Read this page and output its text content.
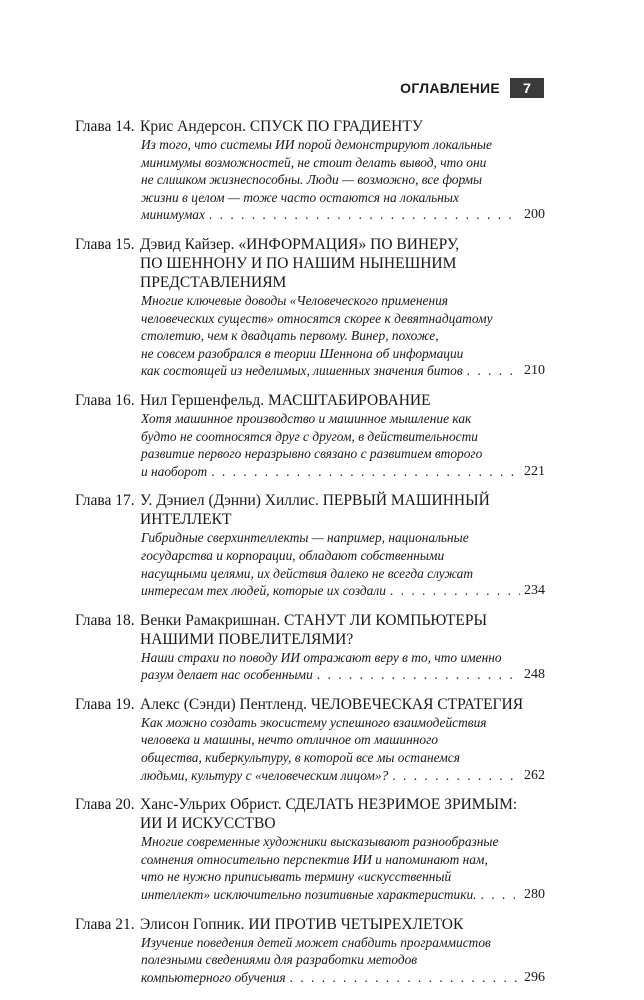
ОГЛАВЛЕНИЕ	7
Глава 14. Крис Андерсон. СПУСК ПО ГРАДИЕНТУ
Из того, что системы ИИ порой демонстрируют локальные
минимумы возможностей, не стоит делать вывод, что они
не слишком жизнеспособны. Люди — возможно, все формы
жизни в целом — тоже часто остаются на локальных
минимумах . . .	200
Глава 15. Дэвид Кайзер. «ИНФОРМАЦИЯ» ПО ВИНЕРУ,
ПО ШЕННОНУ И ПО НАШИМ НЫНЕШНИМ
ПРЕДСТАВЛЕНИЯМ
Многие ключевые доводы «Человеческого применения
человеческих существ» относятся скорее к девятнадцатому
столетию, чем к двадцать первому. Винер, похоже,
не совсем разобрался в теории Шеннона об информации
как состоящей из неделимых, лишенных значения битов . . .	210
Глава 16. Нил Гершенфельд. МАСШТАБИРОВАНИЕ
Хотя машинное производство и машинное мышление как
будто не соотносятся друг с другом, в действительности
развитие первого неразрывно связано с развитием второго
и наоборот . . .	221
Глава 17. У. Дэниел (Дэнни) Хиллис. ПЕРВЫЙ МАШИННЫЙ
ИНТЕЛЛЕКТ
Гибридные сверхинтеллекты — например, национальные
государства и корпорации, обладают собственными
насущными целями, их действия далеко не всегда служат
интересам тех людей, которые их создали . . .	234
Глава 18. Венки Рамакришнан. СТАНУТ ЛИ КОМПЬЮТЕРЫ
НАШИМИ ПОВЕЛИТЕЛЯМИ?
Наши страхи по поводу ИИ отражают веру в то, что именно
разум делает нас особенными . . .	248
Глава 19. Алекс (Сэнди) Пентленд. ЧЕЛОВЕЧЕСКАЯ СТРАТЕГИЯ
Как можно создать экосистему успешного взаимодействия
человека и машины, нечто отличное от машинного
общества, киберкультуру, в которой все мы останемся
людьми, культуру с «человеческим лицом»? . . .	262
Глава 20. Ханс-Ульрих Обрист. СДЕЛАТЬ НЕЗРИМОЕ ЗРИМЫМ:
ИИ И ИСКУССТВО
Многие современные художники высказывают разнообразные
сомнения относительно перспектив ИИ и напоминают нам,
что не нужно приписывать термину «искусственный
интеллект» исключительно позитивные характеристики. . . .	280
Глава 21. Элисон Гопник. ИИ ПРОТИВ ЧЕТЫРЕХЛЕТОК
Изучение поведения детей может снабдить программистов
полезными сведениями для разработки методов
компьютерного обучения . . .	296
